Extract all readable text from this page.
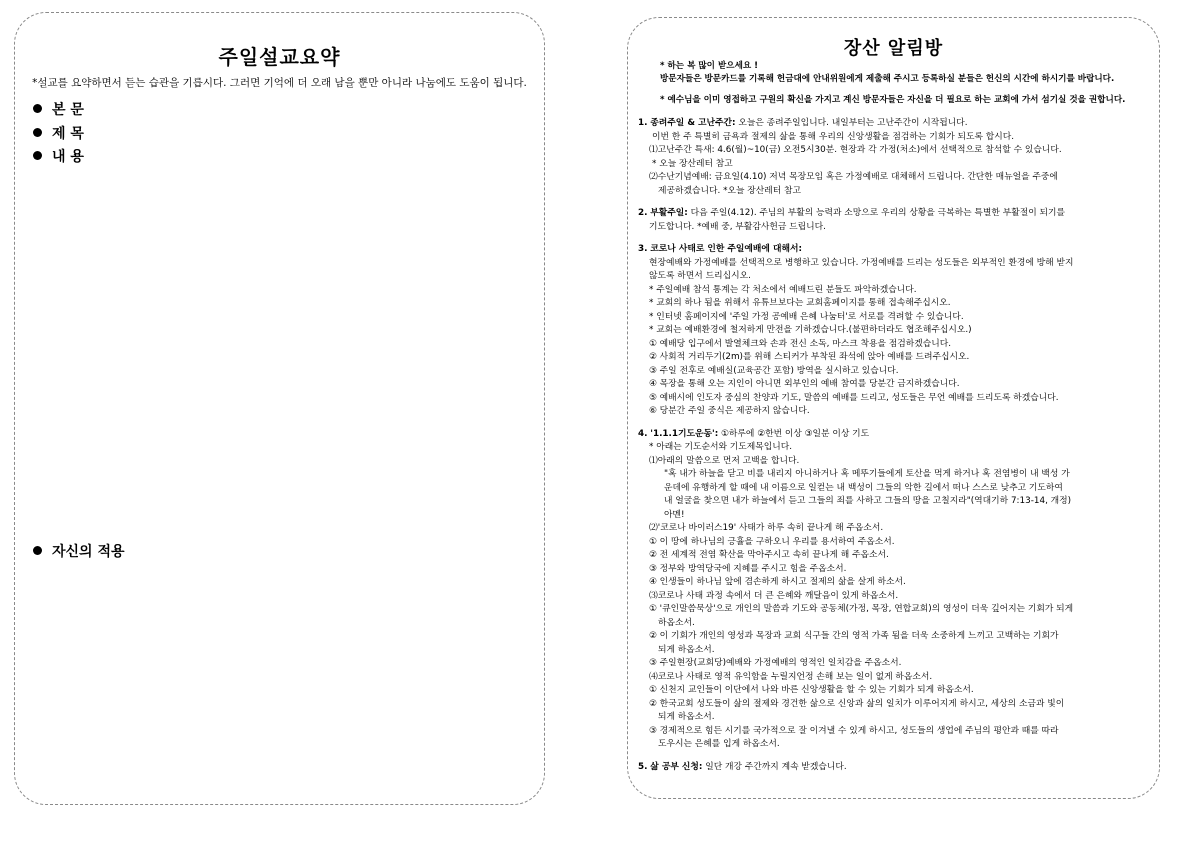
주일설교요약
*설교를 요약하면서 듣는 습관을 기릅시다. 그러면 기억에 더 오래 남을 뿐만 아니라 나눔에도 도움이 됩니다.
본 문
제 목
내 용
자신의 적용
장산 알림방
* 하는 복 많이 받으세요 !
방문자들은 방문카드를 기록해 헌금대에 안내위원에게 제출해 주시고 등록하실 분들은 헌신의 시간에 하시기를 바랍니다.
* 예수님을 이미 영접하고 구원의 확신을 가지고 계신 방문자들은 자신을 더 필요로 하는 교회에 가서 섬기실 것을 권합니다.
1. 종려주일 & 고난주간: 오늘은 종려주일입니다. 내일부터는 고난주간이 시작됩니다.
이번 한 주 특별히 금욕과 절제의 삶을 통해 우리의 신앙생활을 점검하는 기회가 되도록 합시다.
⑴고난주간 특새: 4.6(월)~10(금) 오전5시30분. 현장과 각 가정(처소)에서 선택적으로 참석할 수 있습니다.
* 오늘 장산레터 참고
⑵수난기념예배: 금요일(4.10) 저녁 목장모임 혹은 가정예배로 대체해서 드립니다. 간단한 매뉴얼을 주중에
제공하겠습니다. *오늘 장산레터 참고
2. 부활주일: 다음 주일(4.12). 주님의 부활의 능력과 소망으로 우리의 상황을 극복하는 특별한 부활절이 되기를
기도합니다. *예배 중, 부활감사헌금 드립니다.
3. 코로나 사태로 인한 주일예배에 대해서:
현장예배와 가정예배를 선택적으로 병행하고 있습니다. 가정예배를 드리는 성도들은 외부적인 환경에 방해 받지
않도록 하면서 드리십시오.
* 주일예배 참석 통계는 각 처소에서 예배드린 분들도 파악하겠습니다.
* 교회의 하나 됨을 위해서 유튜브보다는 교회홈페이지를 통해 접속해주십시오.
* 인터넷 홈페이지에 '주일 가정 공예배 은혜 나눔터'로 서로를 격려할 수 있습니다.
* 교회는 예배환경에 철저하게 만전을 기하겠습니다.(불편하더라도 협조해주십시오.)
① 예배당 입구에서 발열체크와 손과 전신 소독, 마스크 착용을 점검하겠습니다.
② 사회적 거리두기(2m)를 위해 스티커가 부착된 좌석에 앉아 예배를 드려주십시오.
③ 주일 전후로 예배실(교육공간 포함) 방역을 실시하고 있습니다.
④ 목장을 통해 오는 지인이 아니면 외부인의 예배 참여를 당분간 금지하겠습니다.
⑤ 예배시에 인도자 중심의 찬양과 기도, 말씀의 예배를 드리고, 성도들은 무언 예배를 드리도록 하겠습니다.
⑥ 당분간 주일 중식은 제공하지 않습니다.
4. '1.1.1기도운동': ①하루에 ②한번 이상 ③일분 이상 기도
* 아래는 기도순서와 기도제목입니다.
⑴아래의 말씀으로 먼저 고백을 합니다.
"혹 내가 하늘을 닫고 비를 내리지 아니하거나 혹 메뚜기들에게 토산을 먹게 하거나 혹 전염병이 내 백성 가
운데에 유행하게 할 때에 내 이름으로 일컫는 내 백성이 그들의 악한 길에서 떠나 스스로 낮추고 기도하여
내 얼굴을 찾으면 내가 하늘에서 듣고 그들의 죄를 사하고 그들의 땅을 고칠지라"(역대기하 7:13-14, 개정)
아멘!
⑵'코로나 바이러스19' 사태가 하루 속히 끝나게 해 주옵소서.
① 이 땅에 하나님의 긍휼을 구하오니 우리를 용서하여 주옵소서.
② 전 세계적 전염 확산을 막아주시고 속히 끝나게 해 주옵소서.
③ 정부와 방역당국에 지혜를 주시고 힘을 주옵소서.
④ 인생들이 하나님 앞에 겸손하게 하시고 절제의 삶을 살게 하소서.
⑶코로나 사태 과정 속에서 더 큰 은혜와 깨달음이 있게 하옵소서.
① '큐인말씀묵상'으로 개인의 말씀과 기도와 공동체(가정, 목장, 연합교회)의 영성이 더욱 깊어지는 기회가 되게
하옵소서.
② 이 기회가 개인의 영성과 목장과 교회 식구들 간의 영적 가족 됨을 더욱 소중하게 느끼고 고백하는 기회가
되게 하옵소서.
③ 주일현장(교회당)예배와 가정예배의 영적인 일치감을 주옵소서.
⑷코로나 사태로 영적 유익함을 누릴지언정 손해 보는 일이 없게 하옵소서.
① 신천지 교인들이 이단에서 나와 바른 신앙생활을 할 수 있는 기회가 되게 하옵소서.
② 한국교회 성도들이 삶의 절제와 경건한 삶으로 신앙과 삶의 일치가 이루어지게 하시고, 세상의 소금과 빛이
되게 하옵소서.
③ 경제적으로 힘든 시기를 국가적으로 잘 이겨낼 수 있게 하시고, 성도들의 생업에 주님의 평안과 때를 따라
도우시는 은혜를 입게 하옵소서.
5. 삶 공부 신청: 일단 개강 주간까지 계속 받겠습니다.
